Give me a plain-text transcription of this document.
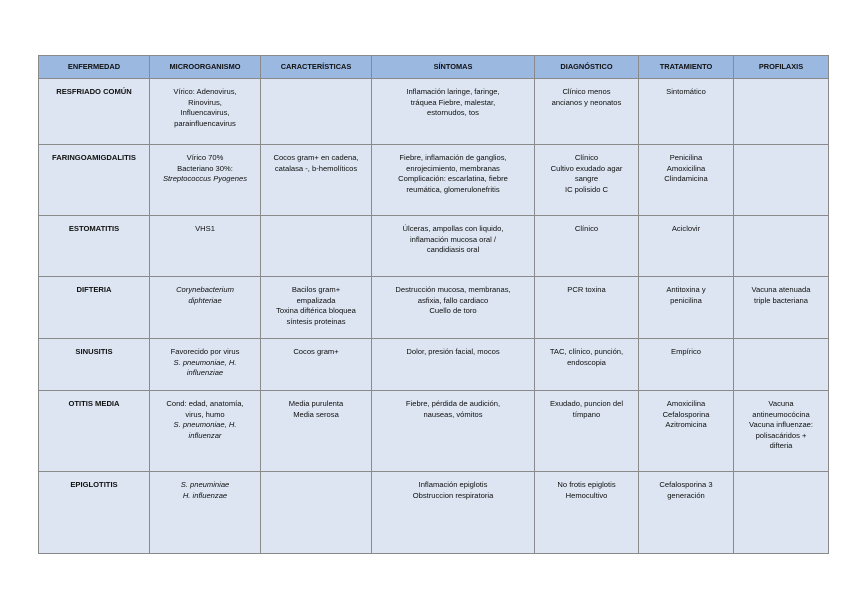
ENFERMEDAD	MICROORGANISMO	CARACTERÍSTICAS	SÍNTOMAS	DIAGNÓSTICO	TRATAMIENTO	PROFILAXIS

RESFRIADO COMÚN	Vírico: Adenovirus,
Rinovirus,
Influencavirus,
parainfluencavirus		Inflamación laringe, faringe,
tráquea Fiebre, malestar,
estornudos, tos	Clínico menos
ancianos y neonatos	Sintomático	

FARINGOAMIGDALITIS	Vírico 70%
Bacteriano 30%:
Streptococcus Pyogenes	Cocos gram+ en cadena,
catalasa -, b-hemolíticos	Fiebre, inflamación de ganglios,
enrojecimiento, membranas
Complicación: escarlatina, fiebre
reumática, glomerulonefritis	Clínico
Cultivo exudado agar
sangre
IC polisido C	Penicilina
Amoxicilina
Clindamicina	

ESTOMATITIS	VHS1		Úlceras, ampollas con liquido,
inflamación mucosa oral /
candidiasis oral	Clínico	Aciclovir	

DIFTERIA	Corynebacterium
diphteriae	Bacilos gram+
empalizada
Toxina diftérica bloquea
síntesis proteinas	Destrucción mucosa, membranas,
asfixia, fallo cardiaco
Cuello de toro	PCR toxina	Antitoxina y
penicilina	Vacuna atenuada
triple bacteriana

SINUSITIS	Favorecido por virus
S. pneumoniae, H.
influenziae	Cocos gram+	Dolor, presión facial, mocos	TAC, clínico, punción,
endoscopia	Empírico	

OTITIS MEDIA	Cond: edad, anatomía,
virus, humo
S. pneumoniae, H.
influenzar	Media purulenta
Media serosa	Fiebre, pérdida de audición,
nauseas, vómitos	Exudado, puncion del
tímpano	Amoxicilina
Cefalosporina
Azitromicina	Vacuna
antineumocócina
Vacuna influenzae:
polisacáridos +
difteria

EPIGLOTITIS	S. pneuminiae
H. influenzae		Inflamación epiglotis
Obstruccion respiratoria	No frotis epiglotis
Hemocultivo	Cefalosporina 3
generación	
